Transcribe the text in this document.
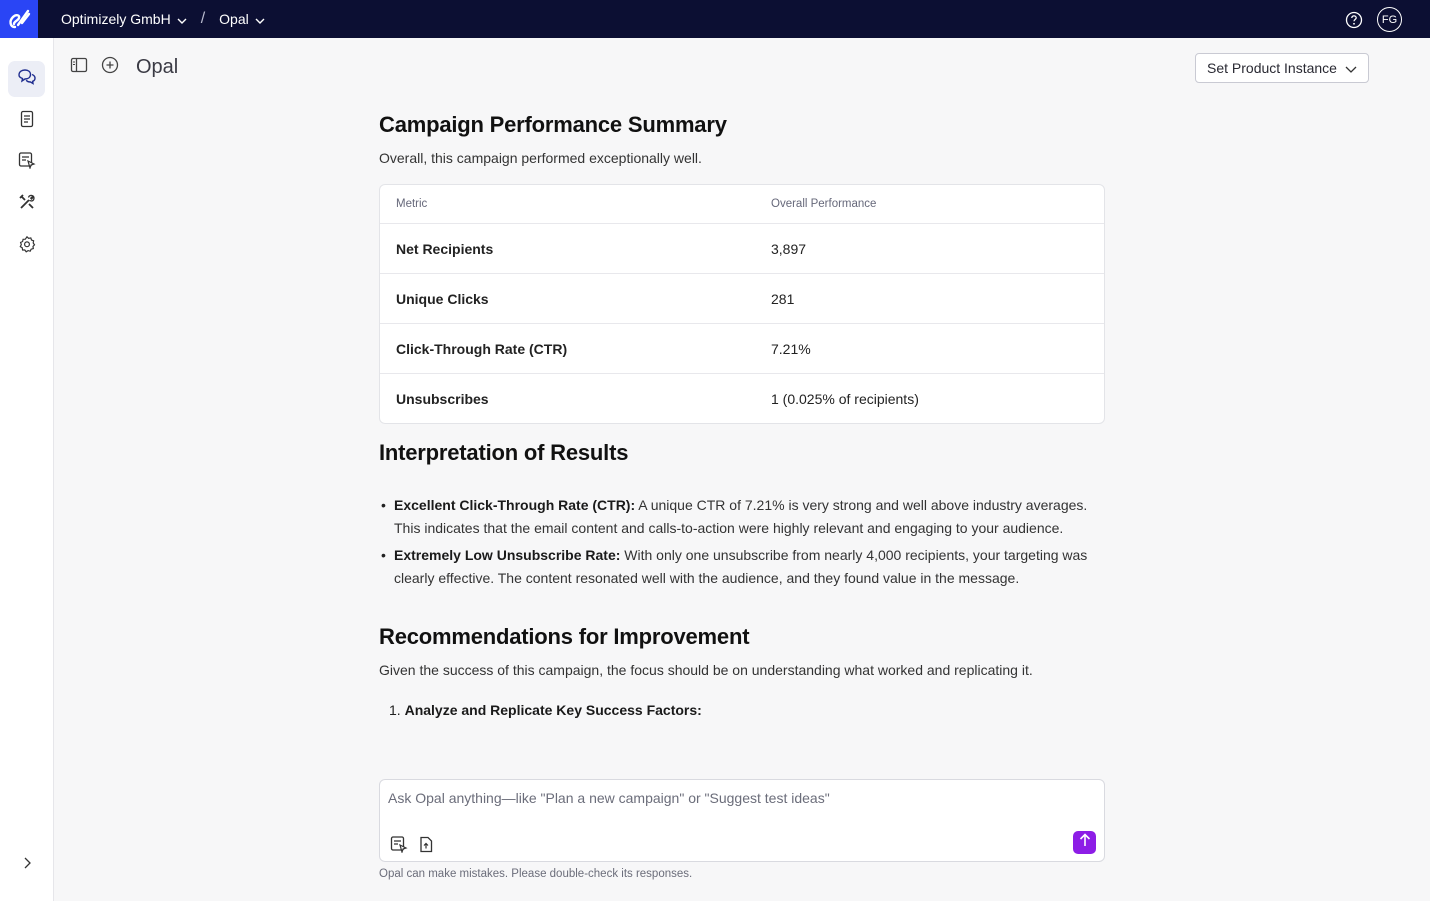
Optimizely GmbH / Opal	FG
Opal	Set Product Instance
Campaign Performance Summary

Overall, this campaign performed exceptionally well.

Metric	Overall Performance
Net Recipients	3,897
Unique Clicks	281
Click-Through Rate (CTR)	7.21%
Unsubscribes	1 (0.025% of recipients)
Interpretation of Results
• Excellent Click-Through Rate (CTR): A unique CTR of 7.21% is very strong and well above industry averages. This indicates that the email content and calls-to-action were highly relevant and engaging to your audience.
• Extremely Low Unsubscribe Rate: With only one unsubscribe from nearly 4,000 recipients, your targeting was clearly effective. The content resonated well with the audience, and they found value in the message.
Recommendations for Improvement

Given the success of this campaign, the focus should be on understanding what worked and replicating it.

1. Analyze and Replicate Key Success Factors:
Ask Opal anything—like "Plan a new campaign" or "Suggest test ideas"
Opal can make mistakes. Please double-check its responses.
